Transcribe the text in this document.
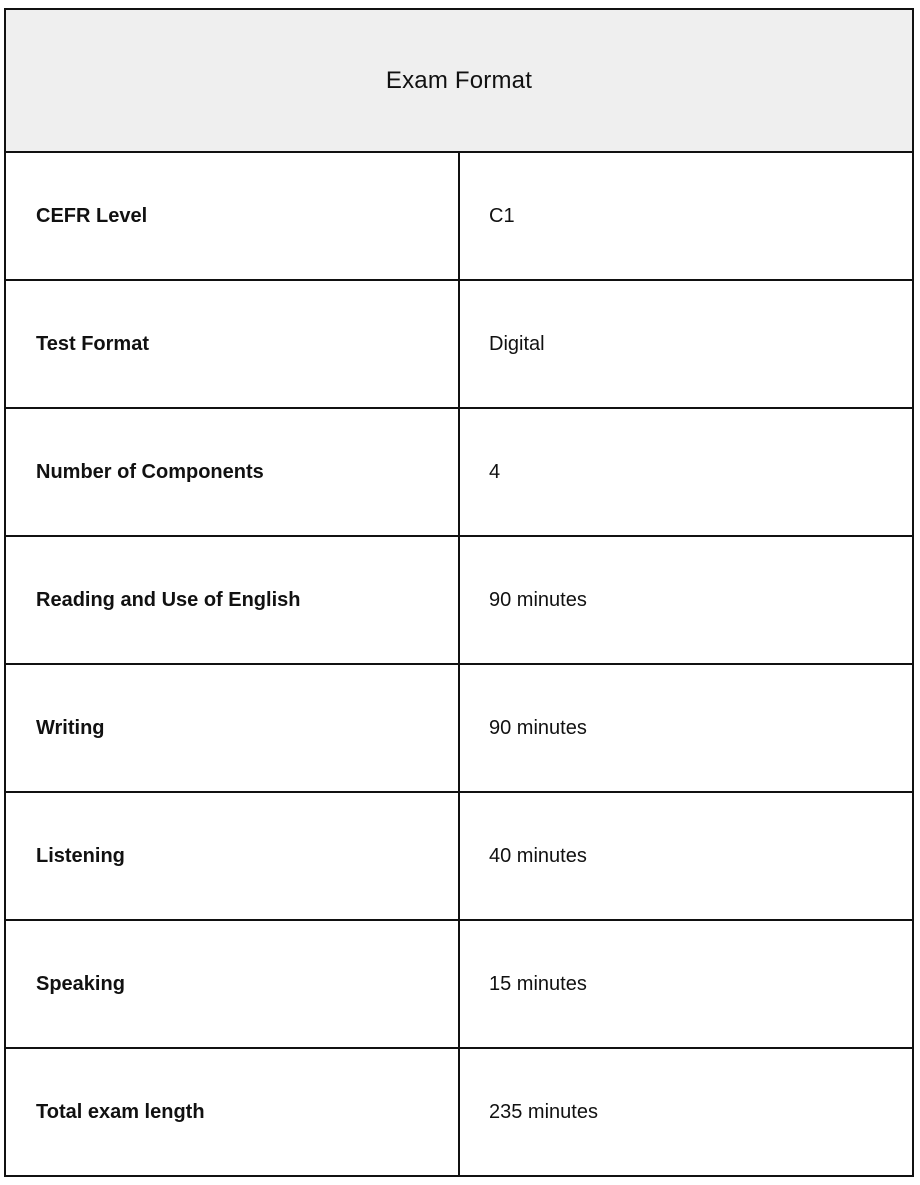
Exam Format	
CEFR Level	C1
Test Format	Digital
Number of Components	4
Reading and Use of English	90 minutes
Writing	90 minutes
Listening	40 minutes
Speaking	15 minutes
Total exam length	235 minutes
